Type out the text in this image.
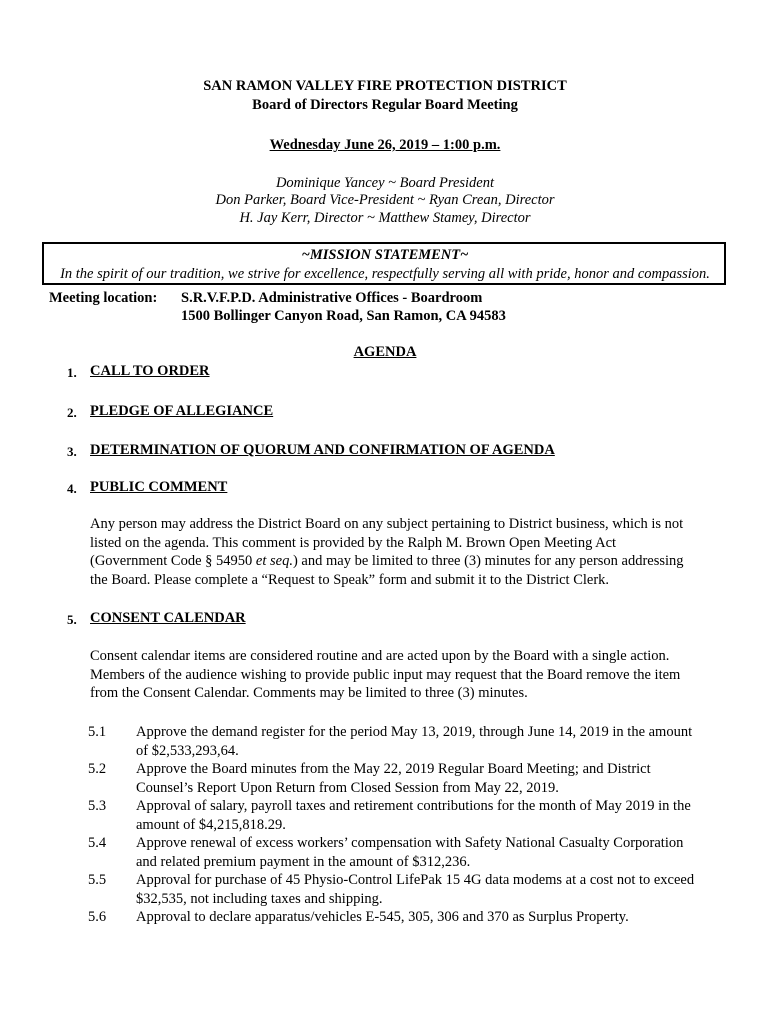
SAN RAMON VALLEY FIRE PROTECTION DISTRICT
Board of Directors Regular Board Meeting
Wednesday June 26, 2019 – 1:00 p.m.
Dominique Yancey ~ Board President
Don Parker, Board Vice-President ~ Ryan Crean, Director
H. Jay Kerr, Director ~ Matthew Stamey, Director
~MISSION STATEMENT~
In the spirit of our tradition, we strive for excellence, respectfully serving all with pride, honor and compassion.
Meeting location: S.R.V.F.P.D. Administrative Offices - Boardroom
1500 Bollinger Canyon Road, San Ramon, CA 94583
AGENDA
1. CALL TO ORDER
2. PLEDGE OF ALLEGIANCE
3. DETERMINATION OF QUORUM AND CONFIRMATION OF AGENDA
4. PUBLIC COMMENT
Any person may address the District Board on any subject pertaining to District business, which is not
listed on the agenda. This comment is provided by the Ralph M. Brown Open Meeting Act
(Government Code § 54950 et seq.) and may be limited to three (3) minutes for any person addressing
the Board. Please complete a “Request to Speak” form and submit it to the District Clerk.
5. CONSENT CALENDAR
Consent calendar items are considered routine and are acted upon by the Board with a single action.
Members of the audience wishing to provide public input may request that the Board remove the item
from the Consent Calendar. Comments may be limited to three (3) minutes.
5.1 Approve the demand register for the period May 13, 2019, through June 14, 2019 in the amount
of $2,533,293,64.
5.2 Approve the Board minutes from the May 22, 2019 Regular Board Meeting; and District
Counsel’s Report Upon Return from Closed Session from May 22, 2019.
5.3 Approval of salary, payroll taxes and retirement contributions for the month of May 2019 in the
amount of $4,215,818.29.
5.4 Approve renewal of excess workers’ compensation with Safety National Casualty Corporation
and related premium payment in the amount of $312,236.
5.5 Approval for purchase of 45 Physio-Control LifePak 15 4G data modems at a cost not to exceed
$32,535, not including taxes and shipping.
5.6 Approval to declare apparatus/vehicles E-545, 305, 306 and 370 as Surplus Property.
